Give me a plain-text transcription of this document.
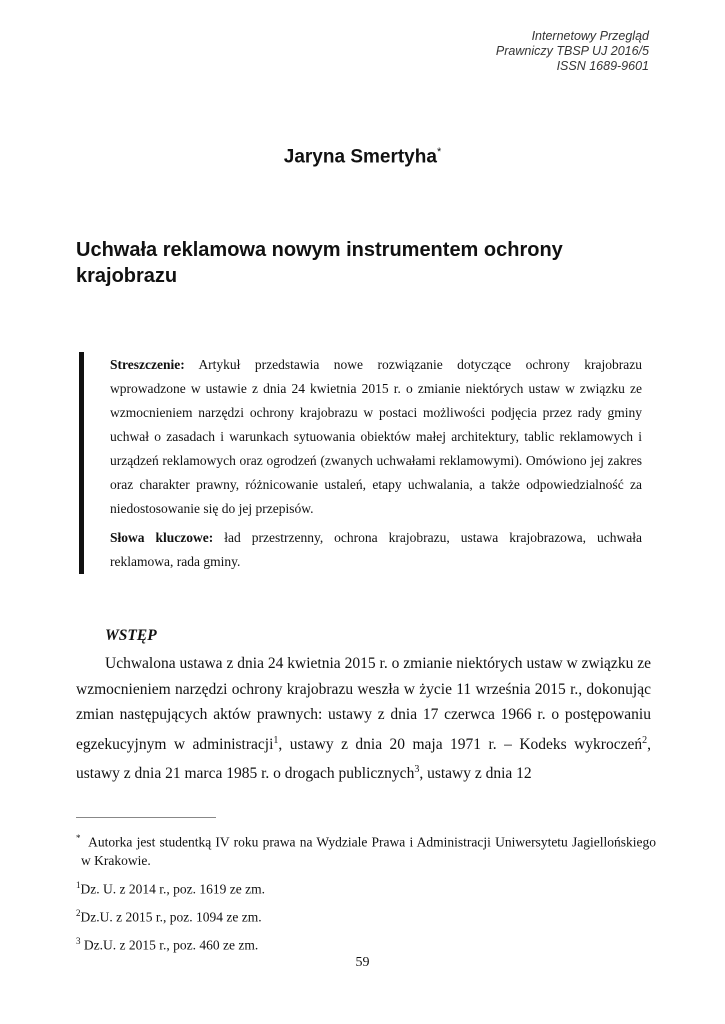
Internetowy Przegląd
Prawniczy TBSP UJ 2016/5
ISSN 1689-9601
Jaryna Smertyha*
Uchwała reklamowa nowym instrumentem ochrony krajobrazu

Streszczenie: Artykuł przedstawia nowe rozwiązanie dotyczące ochrony krajobrazu wprowadzone w ustawie z dnia 24 kwietnia 2015 r. o zmianie niektórych ustaw w związku ze wzmocnieniem narzędzi ochrony krajobrazu w postaci możliwości podjęcia przez rady gminy uchwał o zasadach i warunkach sytuowania obiektów małej architektury, tablic reklamowych i urządzeń reklamowych oraz ogrodzeń (zwanych uchwałami reklamowymi). Omówiono jej zakres oraz charakter prawny, różnicowanie ustaleń, etapy uchwalania, a także odpowiedzialność za niedostosowanie się do jej przepisów.

Słowa kluczowe: ład przestrzenny, ochrona krajobrazu, ustawa krajobrazowa, uchwała reklamowa, rada gminy.

WSTĘP
Uchwalona ustawa z dnia 24 kwietnia 2015 r. o zmianie niektórych ustaw w związku ze wzmocnieniem narzędzi ochrony krajobrazu weszła w życie 11 września 2015 r., dokonując zmian następujących aktów prawnych: ustawy z dnia 17 czerwca 1966 r. o postępowaniu egzekucyjnym w administracji$^1$, ustawy z dnia 20 maja 1971 r. – Kodeks wykroczeń$^2$, ustawy z dnia 21 marca 1985 r. o drogach publicznych$^3$, ustawy z dnia 12
* Autorka jest studentką IV roku prawa na Wydziale Prawa i Administracji Uniwersytetu Jagiellońskiego w Krakowie.
$^1$Dz. U. z 2014 r., poz. 1619 ze zm.
$^2$Dz.U. z 2015 r., poz. 1094 ze zm.
$^3$ Dz.U. z 2015 r., poz. 460 ze zm.
59
